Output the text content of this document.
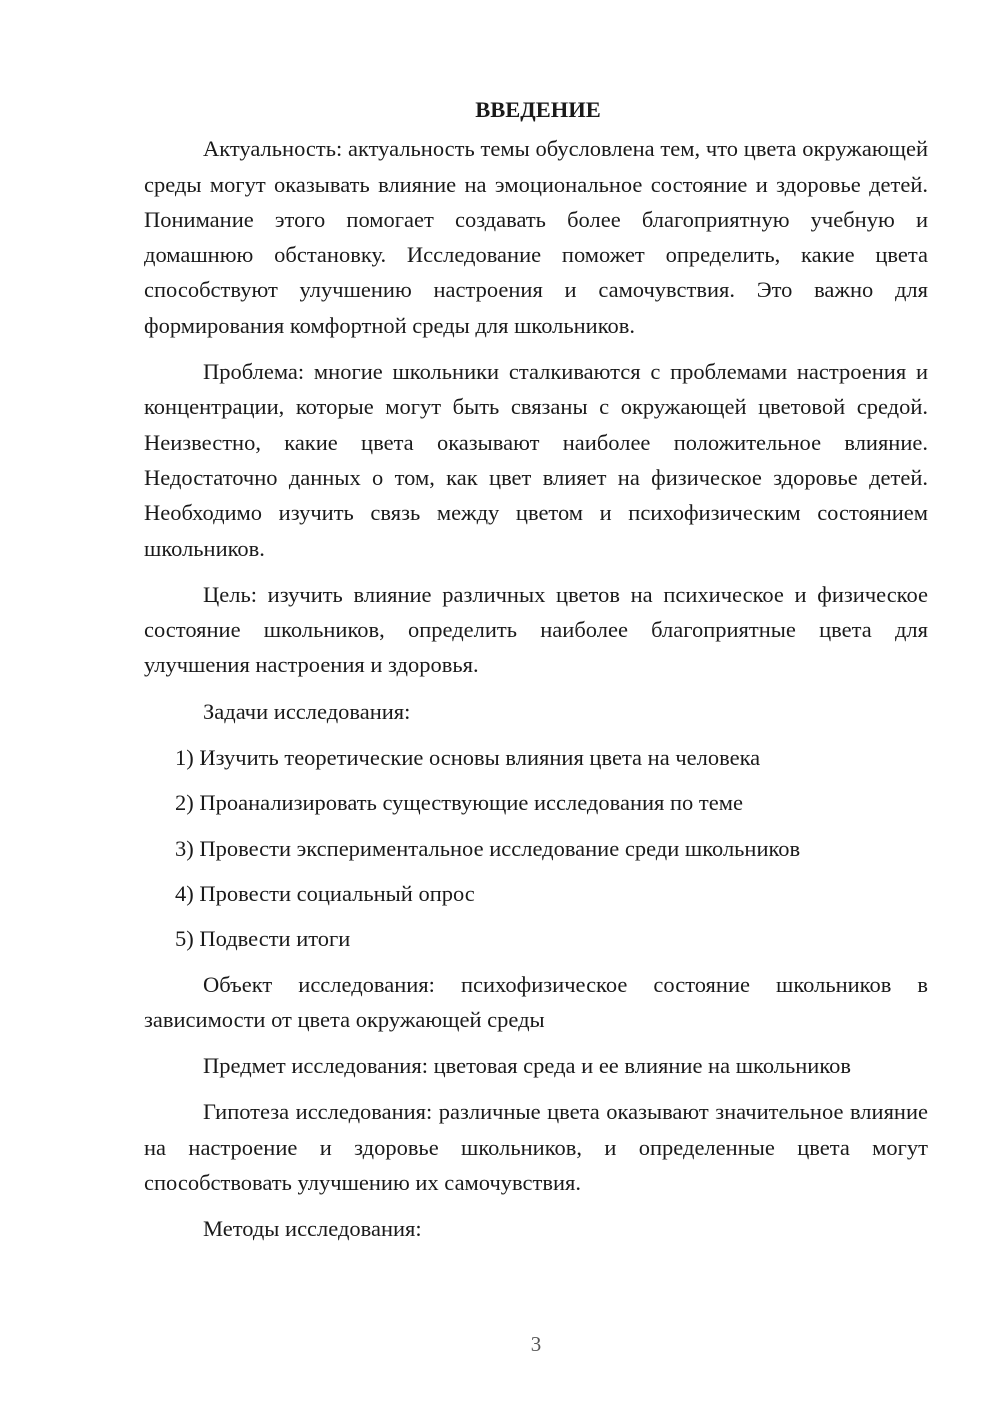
ВВЕДЕНИЕ

Актуальность: актуальность темы обусловлена тем, что цвета окружающей среды могут оказывать влияние на эмоциональное состояние и здоровье детей. Понимание этого помогает создавать более благоприятную учебную и домашнюю обстановку. Исследование поможет определить, какие цвета способствуют улучшению настроения и самочувствия. Это важно для формирования комфортной среды для школьников.

Проблема: многие школьники сталкиваются с проблемами настроения и концентрации, которые могут быть связаны с окружающей цветовой средой. Неизвестно, какие цвета оказывают наиболее положительное влияние. Недостаточно данных о том, как цвет влияет на физическое здоровье детей. Необходимо изучить связь между цветом и психофизическим состоянием школьников.

Цель: изучить влияние различных цветов на психическое и физическое состояние школьников, определить наиболее благоприятные цвета для улучшения настроения и здоровья.

Задачи исследования:

1) Изучить теоретические основы влияния цвета на человека
2) Проанализировать существующие исследования по теме
3) Провести экспериментальное исследование среди школьников
4) Провести социальный опрос
5) Подвести итоги

Объект исследования: психофизическое состояние школьников в зависимости от цвета окружающей среды

Предмет исследования: цветовая среда и ее влияние на школьников

Гипотеза исследования: различные цвета оказывают значительное влияние на настроение и здоровье школьников, и определенные цвета могут способствовать улучшению их самочувствия.

Методы исследования:

3
